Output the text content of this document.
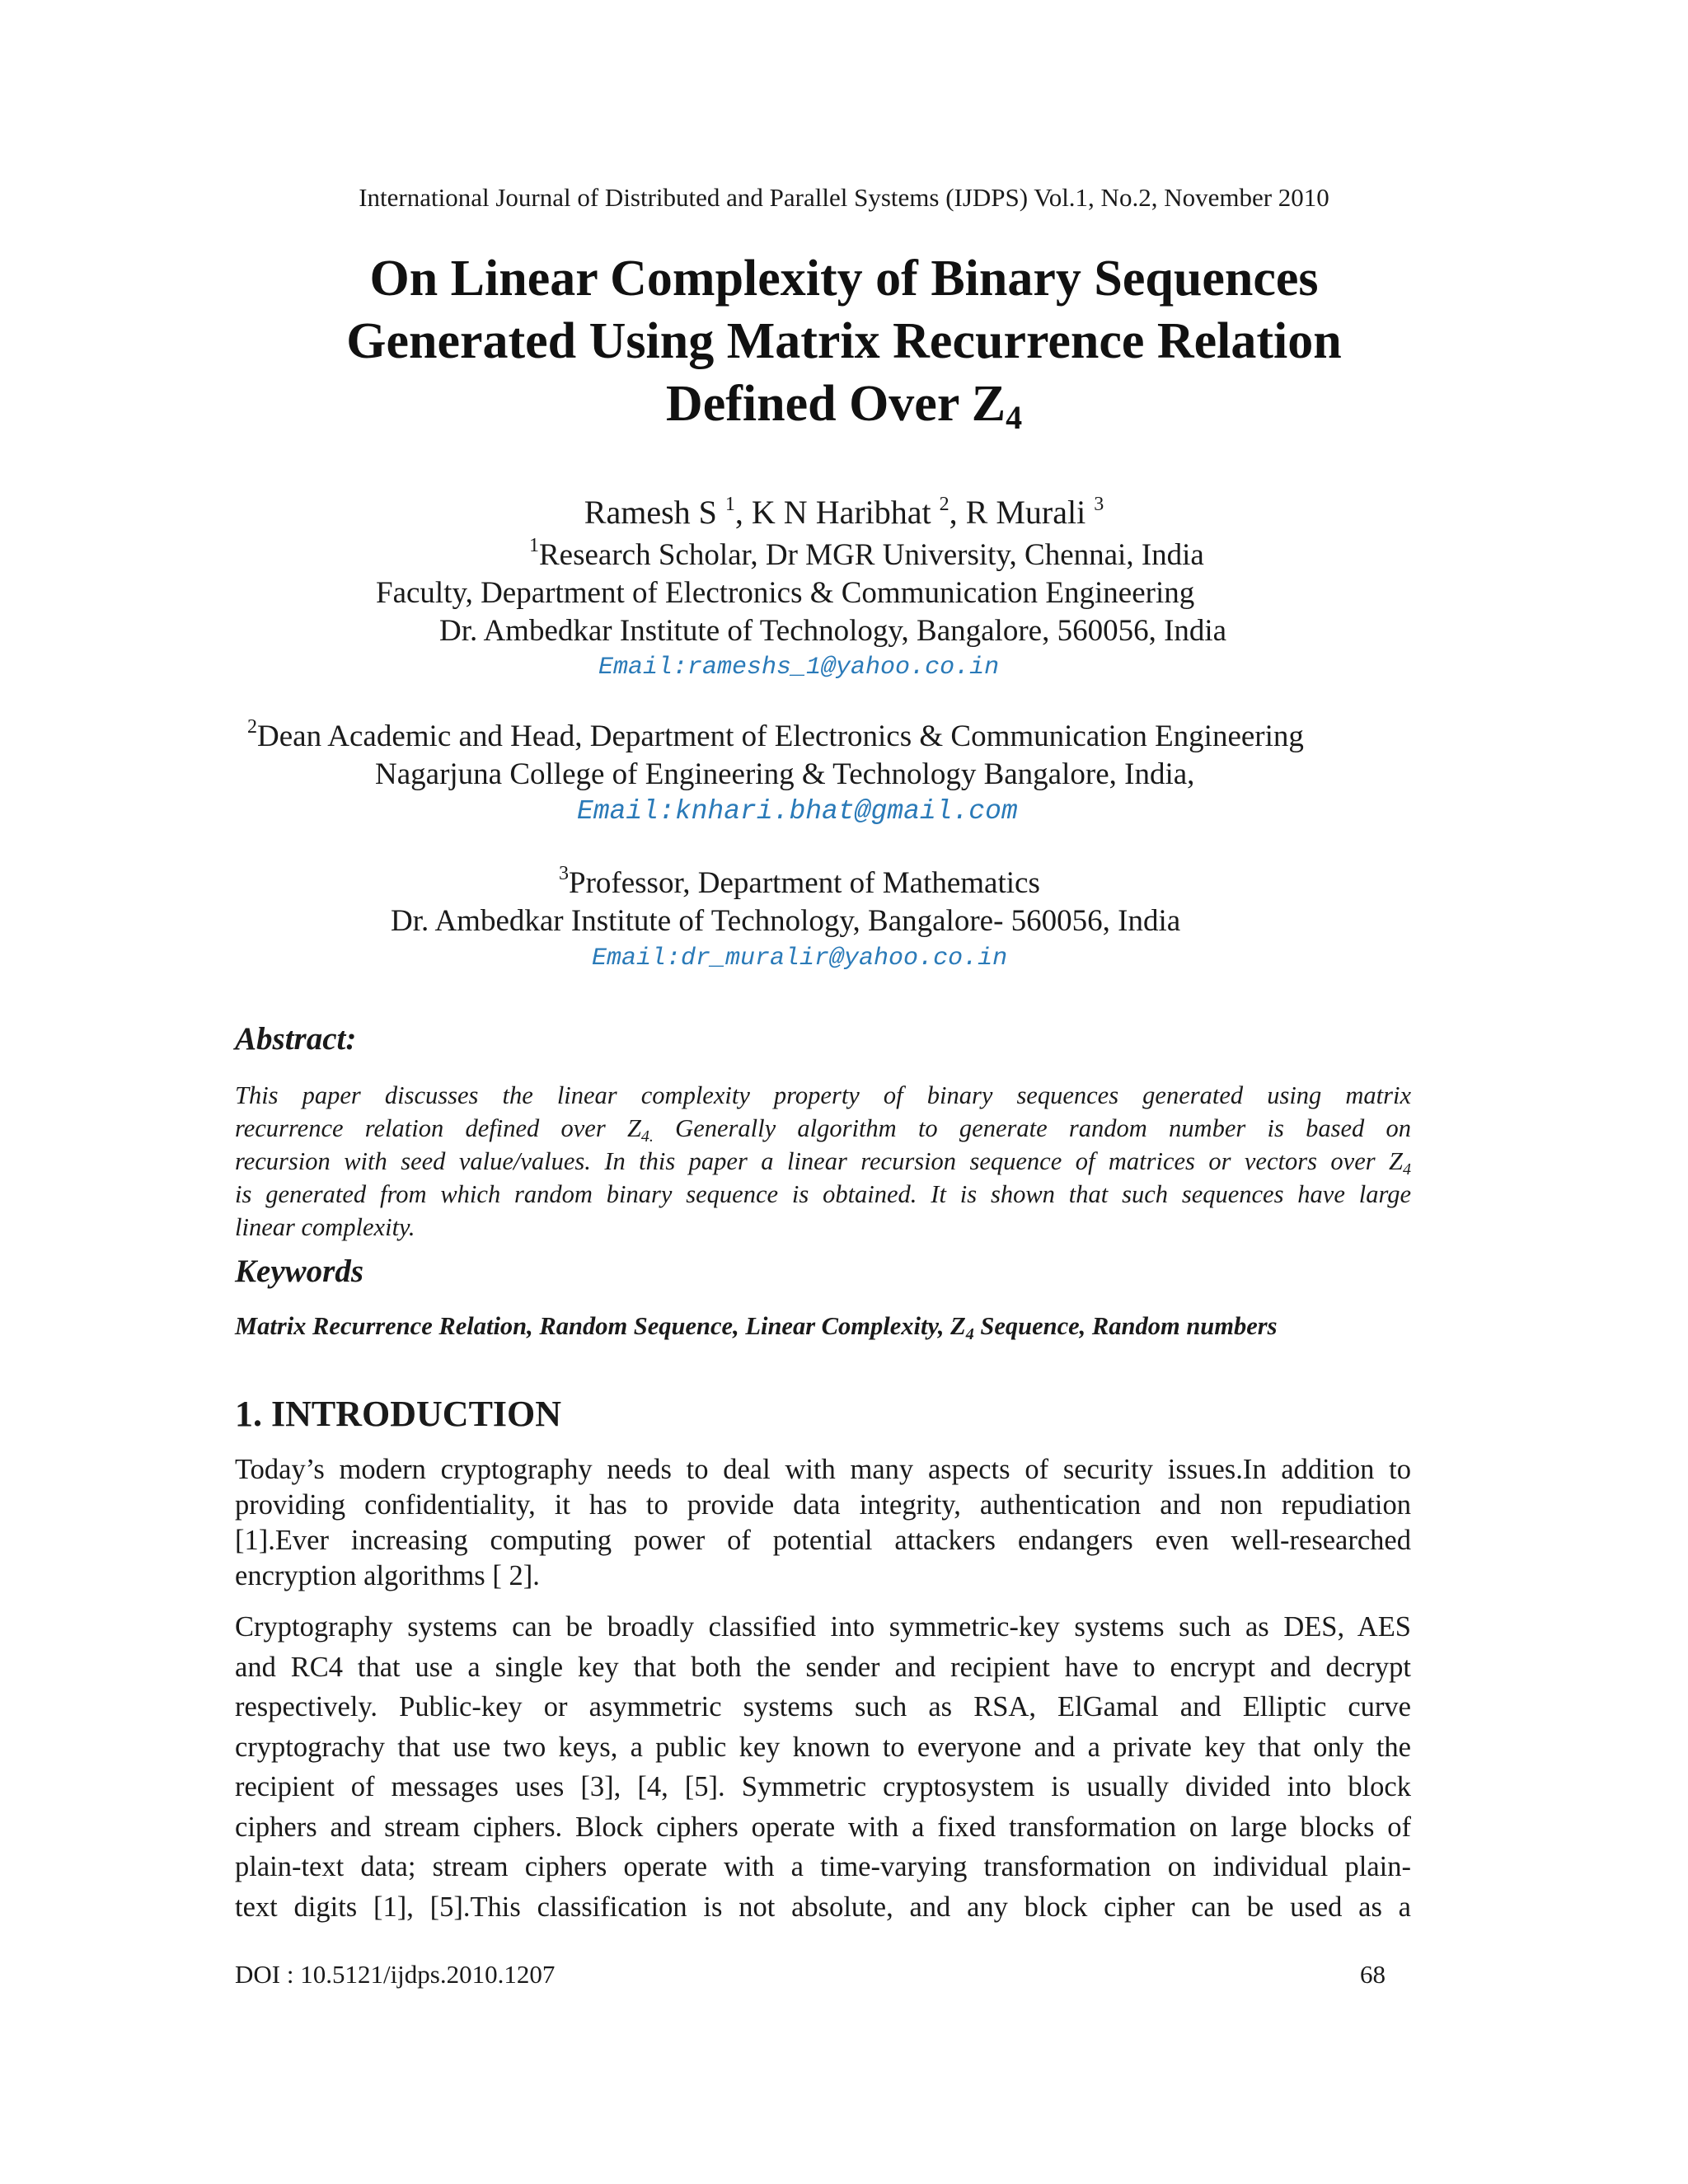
International Journal of Distributed and Parallel Systems (IJDPS) Vol.1, No.2, November 2010
On Linear Complexity of Binary Sequences
Generated Using Matrix Recurrence Relation
Defined Over $Z_4$
Ramesh S $^1$, K N Haribhat $^2$, R Murali $^3$
$^1$Research Scholar, Dr MGR University, Chennai, India
Faculty, Department of Electronics & Communication Engineering
Dr. Ambedkar Institute of Technology, Bangalore, 560056, India
Email:rameshs_1@yahoo.co.in
$^2$Dean Academic and Head, Department of Electronics & Communication Engineering
Nagarjuna College of Engineering & Technology Bangalore, India,
Email:knhari.bhat@gmail.com
$^3$Professor, Department of Mathematics
Dr. Ambedkar Institute of Technology, Bangalore- 560056, India
Email:dr_muralir@yahoo.co.in
Abstract:
This paper discusses the linear complexity property of binary sequences generated using matrix
recurrence relation defined over $Z_{4.}$ Generally algorithm to generate random number is based on
recursion with seed value/values. In this paper a linear recursion sequence of matrices or vectors over $Z_4$
is generated from which random binary sequence is obtained. It is shown that such sequences have large
linear complexity.
Keywords
Matrix Recurrence Relation, Random Sequence, Linear Complexity, $Z_4$ Sequence, Random numbers
1. INTRODUCTION
Today’s modern cryptography needs to deal with many aspects of security issues.In addition to
providing confidentiality, it has to provide data integrity, authentication and non repudiation
[1].Ever increasing computing power of potential attackers endangers even well-researched
encryption algorithms [ 2].
Cryptography systems can be broadly classified into symmetric-key systems such as DES, AES
and RC4 that use a single key that both the sender and recipient have to encrypt and decrypt
respectively. Public-key or asymmetric systems such as RSA, ElGamal and Elliptic curve
cryptograchy that use two keys, a public key known to everyone and a private key that only the
recipient of messages uses [3], [4, [5]. Symmetric cryptosystem is usually divided into block
ciphers and stream ciphers. Block ciphers operate with a fixed transformation on large blocks of
plain-text data; stream ciphers operate with a time-varying transformation on individual plain-
text digits [1], [5].This classification is not absolute, and any block cipher can be used as a
DOI : 10.5121/ijdps.2010.1207	68
